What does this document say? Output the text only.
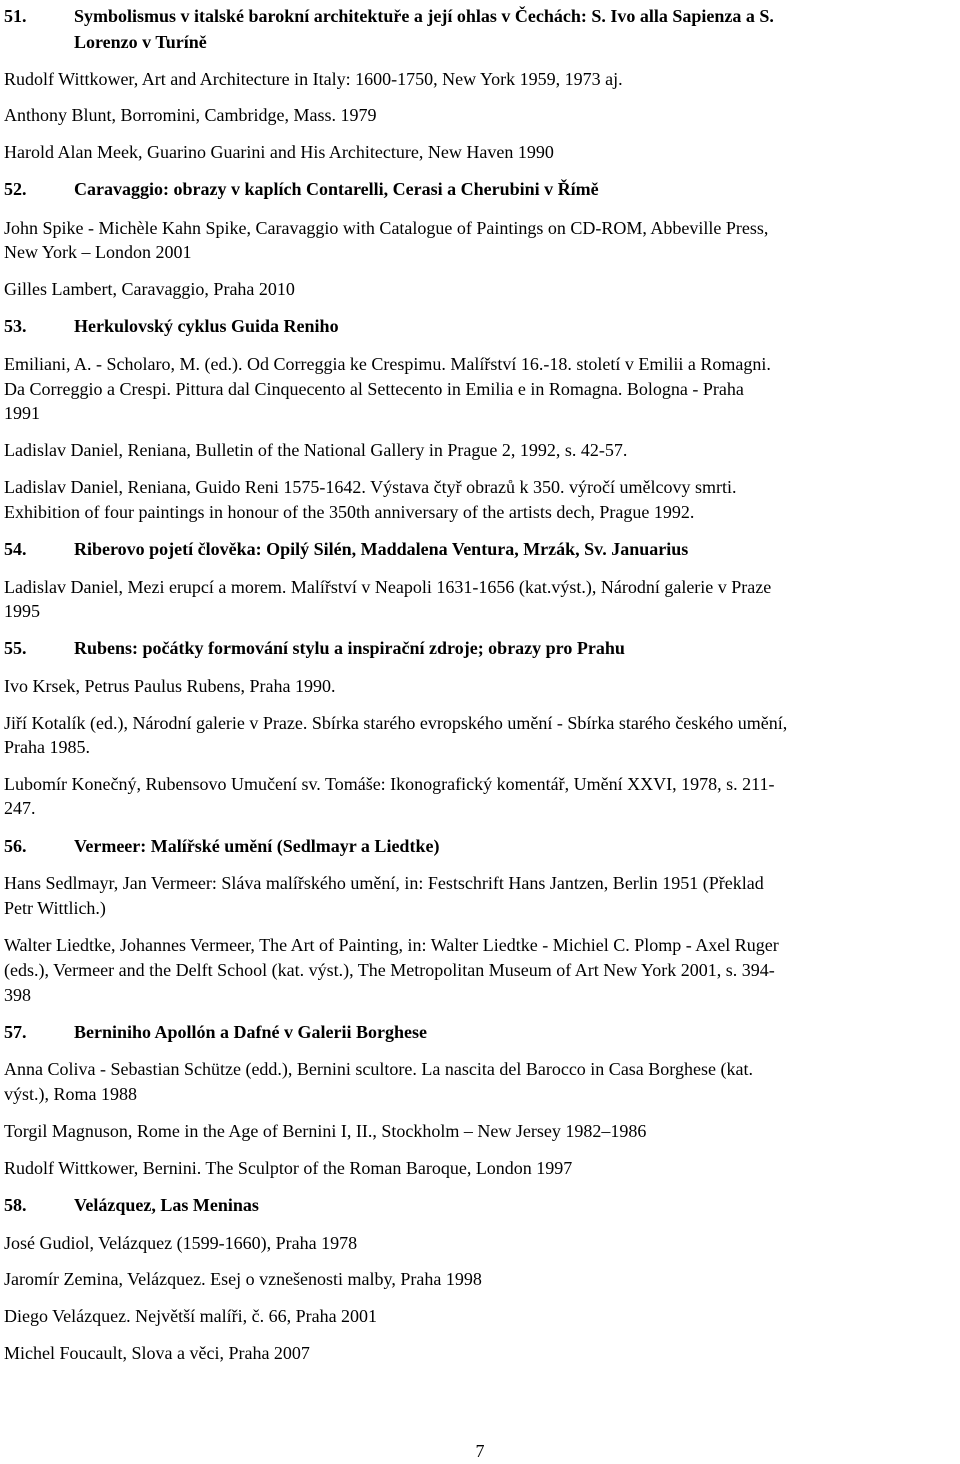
51.	Symbolismus v italské barokní architektuře a její ohlas v Čechách: S. Ivo alla Sapienza a S.
Lorenzo v Turíně
Rudolf Wittkower, Art and Architecture in Italy: 1600-1750, New York 1959, 1973 aj.
Anthony Blunt, Borromini, Cambridge, Mass. 1979
Harold Alan Meek, Guarino Guarini and His Architecture, New Haven 1990
52.	Caravaggio: obrazy v kaplích Contarelli, Cerasi a Cherubini v Římě
John Spike - Michèle Kahn Spike, Caravaggio with Catalogue of Paintings on CD-ROM, Abbeville Press,
New York – London 2001
Gilles Lambert, Caravaggio, Praha 2010
53.	Herkulovský cyklus Guida Reniho
Emiliani, A. - Scholaro, M. (ed.). Od Correggia ke Crespimu. Malířství 16.-18. století v Emilii a Romagni.
Da Correggio a Crespi. Pittura dal Cinquecento al Settecento in Emilia e in Romagna. Bologna - Praha
1991
Ladislav Daniel, Reniana, Bulletin of the National Gallery in Prague 2, 1992, s. 42-57.
Ladislav Daniel, Reniana, Guido Reni 1575-1642. Výstava čtyř obrazů k 350. výročí umělcovy smrti.
Exhibition of four paintings in honour of the 350th anniversary of the artists dech, Prague 1992.
54.	Riberovo pojetí člověka: Opilý Silén, Maddalena Ventura, Mrzák, Sv. Januarius
Ladislav Daniel, Mezi erupcí a morem. Malířství v Neapoli 1631-1656 (kat.výst.), Národní galerie v Praze
1995
55.	Rubens: počátky formování stylu a inspirační zdroje; obrazy pro Prahu
Ivo Krsek, Petrus Paulus Rubens, Praha 1990.
Jiří Kotalík (ed.), Národní galerie v Praze. Sbírka starého evropského umění - Sbírka starého českého umění,
Praha 1985.
Lubomír Konečný, Rubensovo Umučení sv. Tomáše: Ikonografický komentář, Umění XXVI, 1978, s. 211-
247.
56.	Vermeer: Malířské umění (Sedlmayr a Liedtke)
Hans Sedlmayr, Jan Vermeer: Sláva malířského umění, in: Festschrift Hans Jantzen, Berlin 1951 (Překlad
Petr Wittlich.)
Walter Liedtke, Johannes Vermeer, The Art of Painting, in: Walter Liedtke - Michiel C. Plomp - Axel Ruger
(eds.), Vermeer and the Delft School (kat. výst.), The Metropolitan Museum of Art New York 2001, s. 394-
398
57.	Berniniho Apollón a Dafné v Galerii Borghese
Anna Coliva - Sebastian Schütze (edd.), Bernini scultore. La nascita del Barocco in Casa Borghese (kat.
výst.), Roma 1988
Torgil Magnuson, Rome in the Age of Bernini I, II., Stockholm – New Jersey 1982–1986
Rudolf Wittkower, Bernini. The Sculptor of the Roman Baroque, London 1997
58.	Velázquez, Las Meninas
José Gudiol, Velázquez (1599-1660), Praha 1978
Jaromír Zemina, Velázquez. Esej o vznešenosti malby, Praha 1998
Diego Velázquez. Největší malíři, č. 66, Praha 2001
Michel Foucault, Slova a věci, Praha 2007
7
